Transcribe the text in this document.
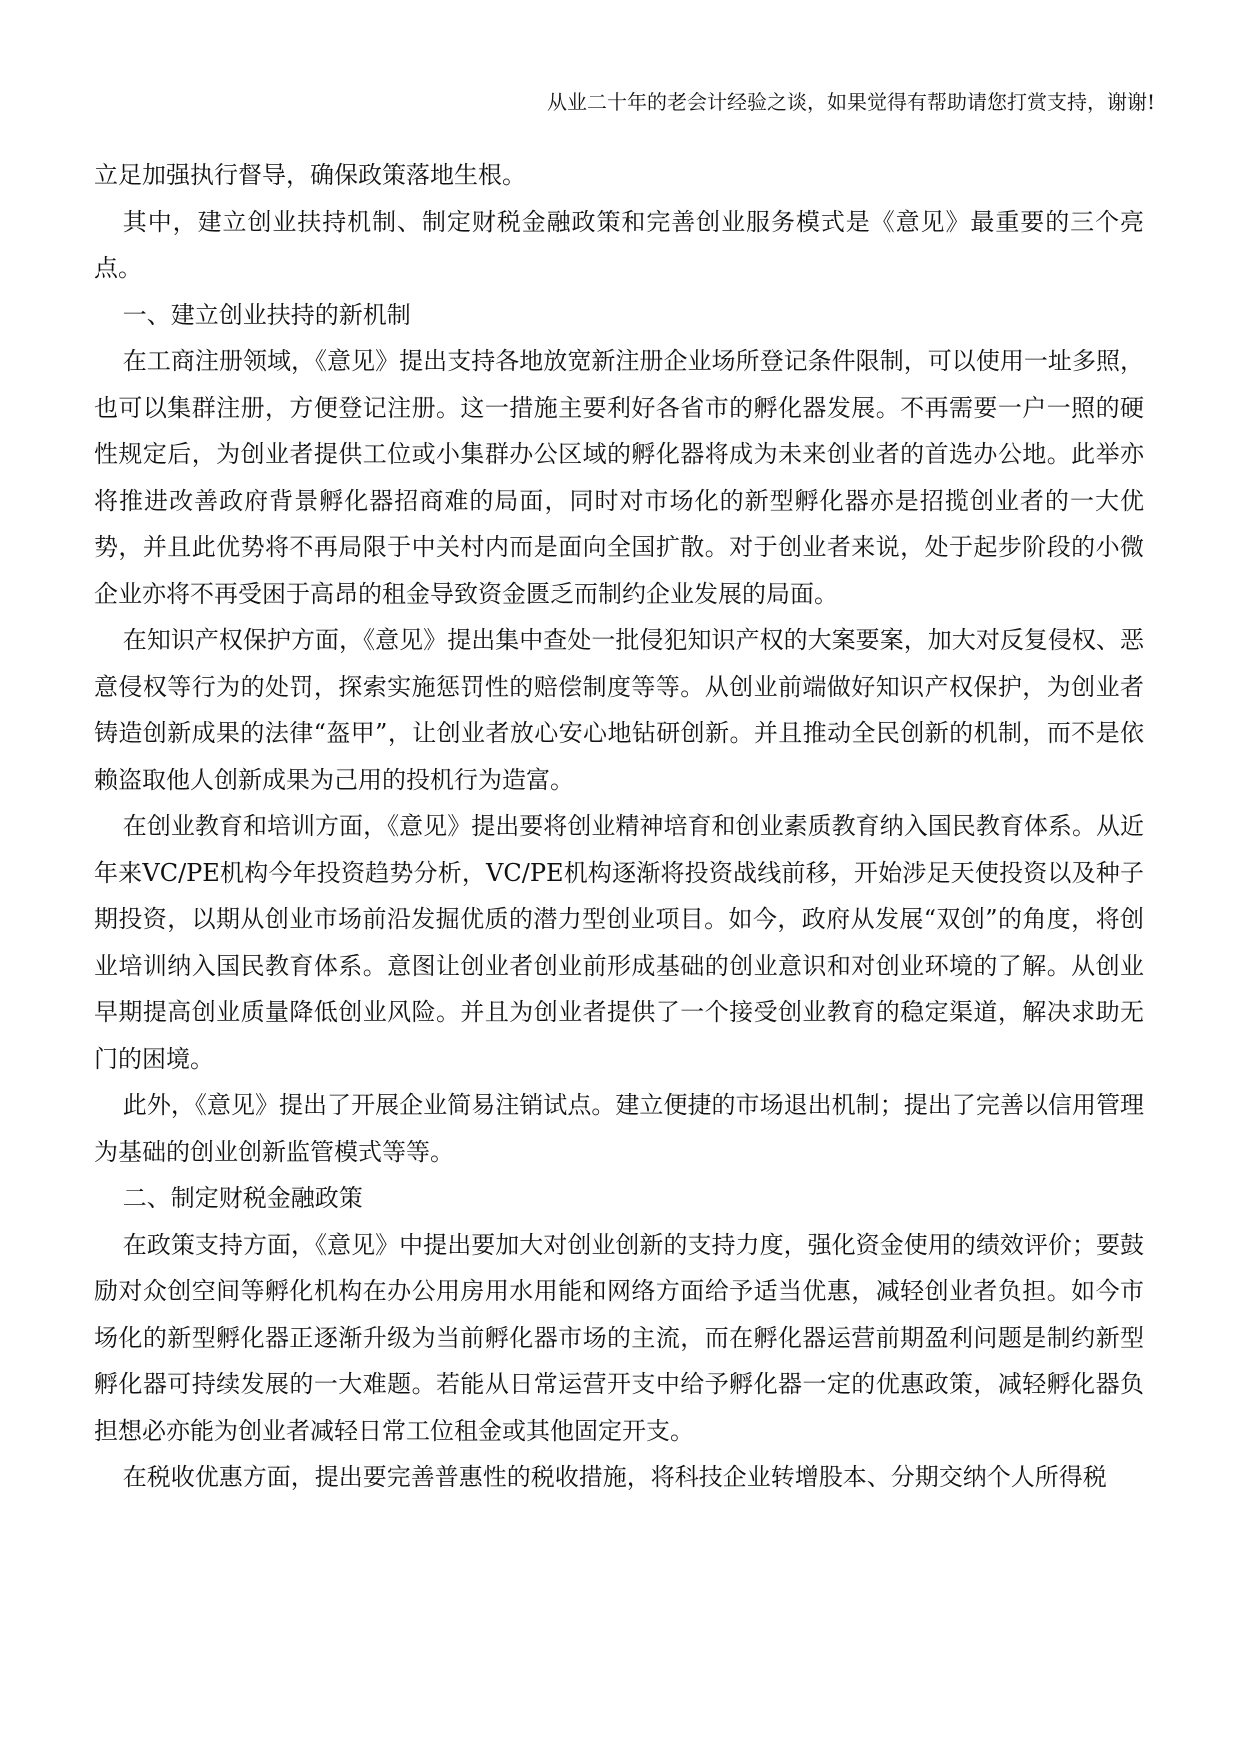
从业二十年的老会计经验之谈，如果觉得有帮助请您打赏支持，谢谢!

立足加强执行督导，确保政策落地生根。

其中，建立创业扶持机制、制定财税金融政策和完善创业服务模式是《意见》最重要的三个亮点。

一、建立创业扶持的新机制

在工商注册领域，《意见》提出支持各地放宽新注册企业场所登记条件限制，可以使用一址多照，也可以集群注册，方便登记注册。这一措施主要利好各省市的孵化器发展。不再需要一户一照的硬性规定后，为创业者提供工位或小集群办公区域的孵化器将成为未来创业者的首选办公地。此举亦将推进改善政府背景孵化器招商难的局面，同时对市场化的新型孵化器亦是招揽创业者的一大优势，并且此优势将不再局限于中关村内而是面向全国扩散。对于创业者来说，处于起步阶段的小微企业亦将不再受困于高昂的租金导致资金匮乏而制约企业发展的局面。

在知识产权保护方面，《意见》提出集中查处一批侵犯知识产权的大案要案，加大对反复侵权、恶意侵权等行为的处罚，探索实施惩罚性的赔偿制度等等。从创业前端做好知识产权保护，为创业者铸造创新成果的法律“盔甲”，让创业者放心安心地钻研创新。并且推动全民创新的机制，而不是依赖盗取他人创新成果为己用的投机行为造富。

在创业教育和培训方面，《意见》提出要将创业精神培育和创业素质教育纳入国民教育体系。从近年来VC/PE机构今年投资趋势分析，VC/PE机构逐渐将投资战线前移，开始涉足天使投资以及种子期投资，以期从创业市场前沿发掘优质的潜力型创业项目。如今，政府从发展“双创”的角度，将创业培训纳入国民教育体系。意图让创业者创业前形成基础的创业意识和对创业环境的了解。从创业早期提高创业质量降低创业风险。并且为创业者提供了一个接受创业教育的稳定渠道，解决求助无门的困境。

此外，《意见》提出了开展企业简易注销试点。建立便捷的市场退出机制；提出了完善以信用管理为基础的创业创新监管模式等等。

二、制定财税金融政策

在政策支持方面，《意见》中提出要加大对创业创新的支持力度，强化资金使用的绩效评价；要鼓励对众创空间等孵化机构在办公用房用水用能和网络方面给予适当优惠，减轻创业者负担。如今市场化的新型孵化器正逐渐升级为当前孵化器市场的主流，而在孵化器运营前期盈利问题是制约新型孵化器可持续发展的一大难题。若能从日常运营开支中给予孵化器一定的优惠政策，减轻孵化器负担想必亦能为创业者减轻日常工位租金或其他固定开支。

在税收优惠方面，提出要完善普惠性的税收措施，将科技企业转增股本、分期交纳个人所得税
